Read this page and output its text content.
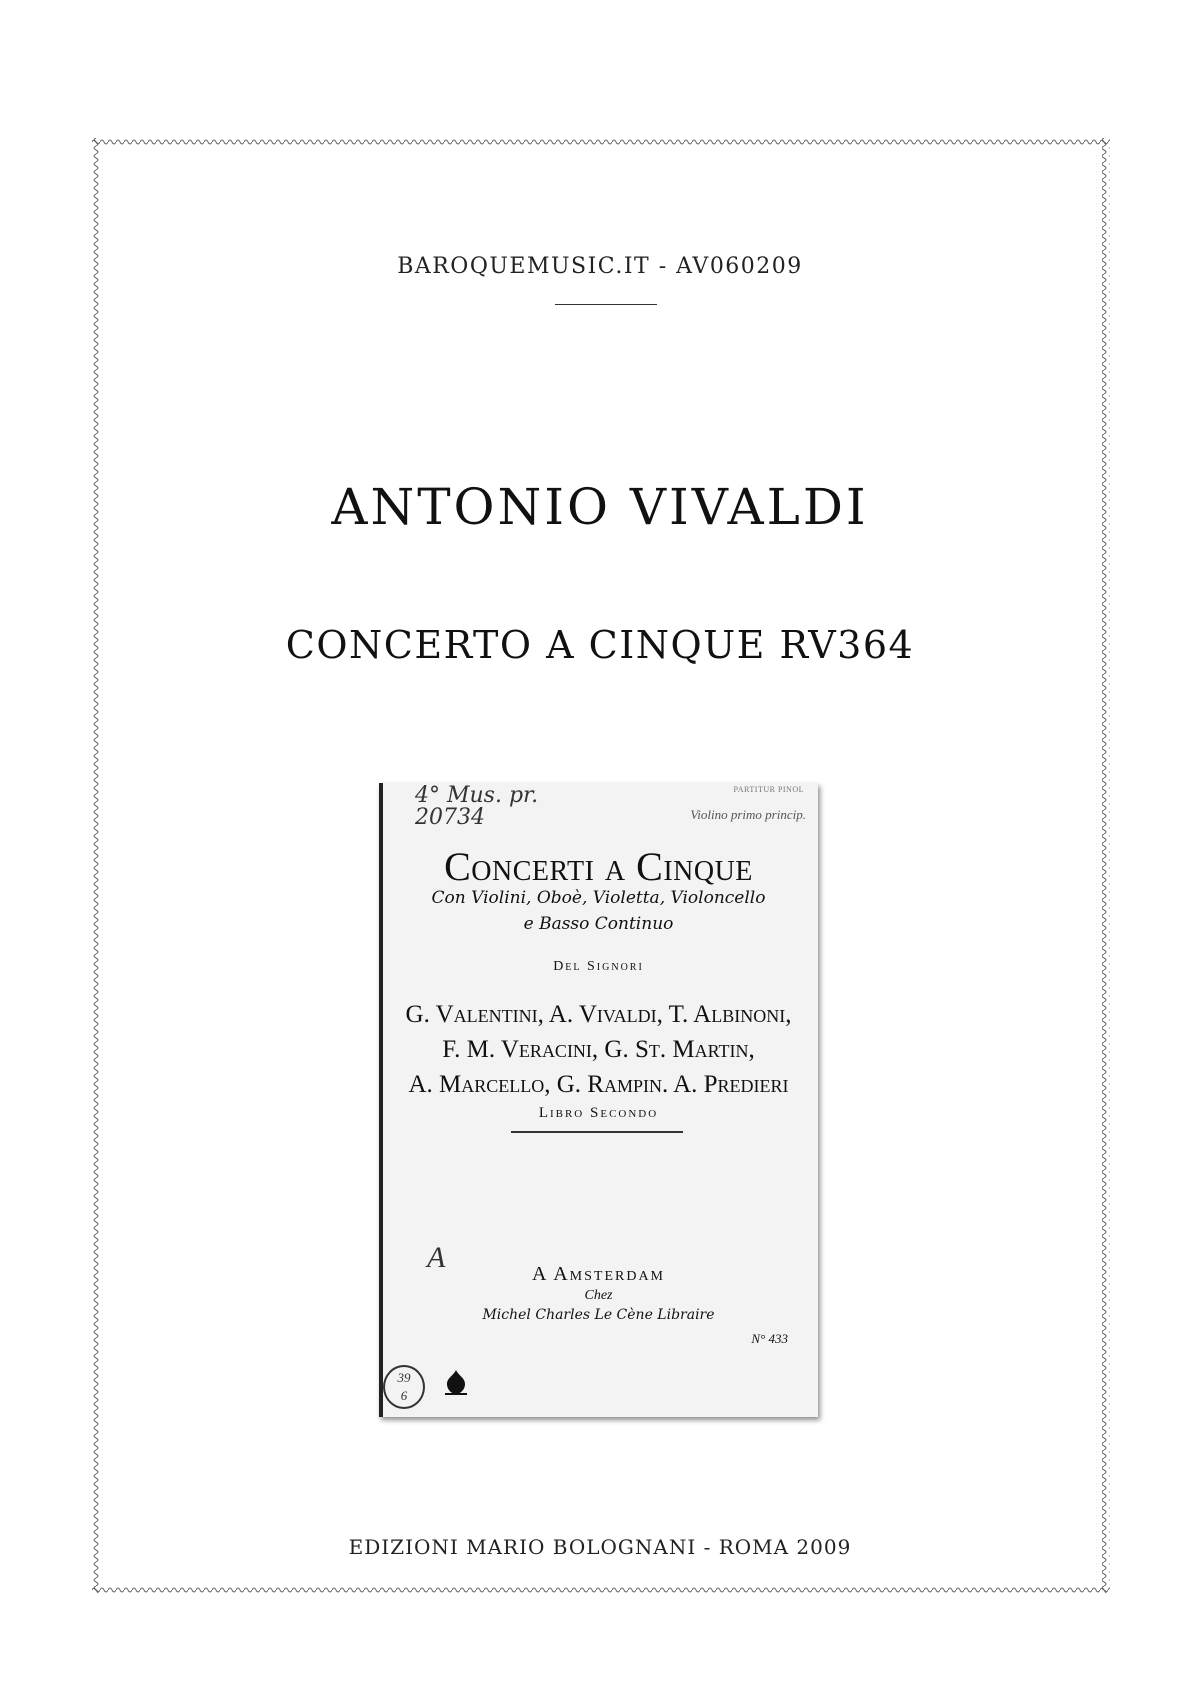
BAROQUEMUSIC.IT - AV060209
ANTONIO VIVALDI
CONCERTO A CINQUE RV364
4° Mus. pr.
20734
PARTITUR PINOL
Violino primo princip.
Concerti a Cinque
Con Violini, Oboè, Violetta, Violoncello
e Basso Continuo
Del Signori
G. Valentini, A. Vivaldi, T. Albinoni,
F. M. Veracini, G. St. Martin,
A. Marcello, G. Rampin. A. Predieri
Libro Secondo
A	A Amsterdam
Chez
Michel Charles Le Cène Libraire
N° 433
39
6
EDIZIONI MARIO BOLOGNANI - ROMA 2009
